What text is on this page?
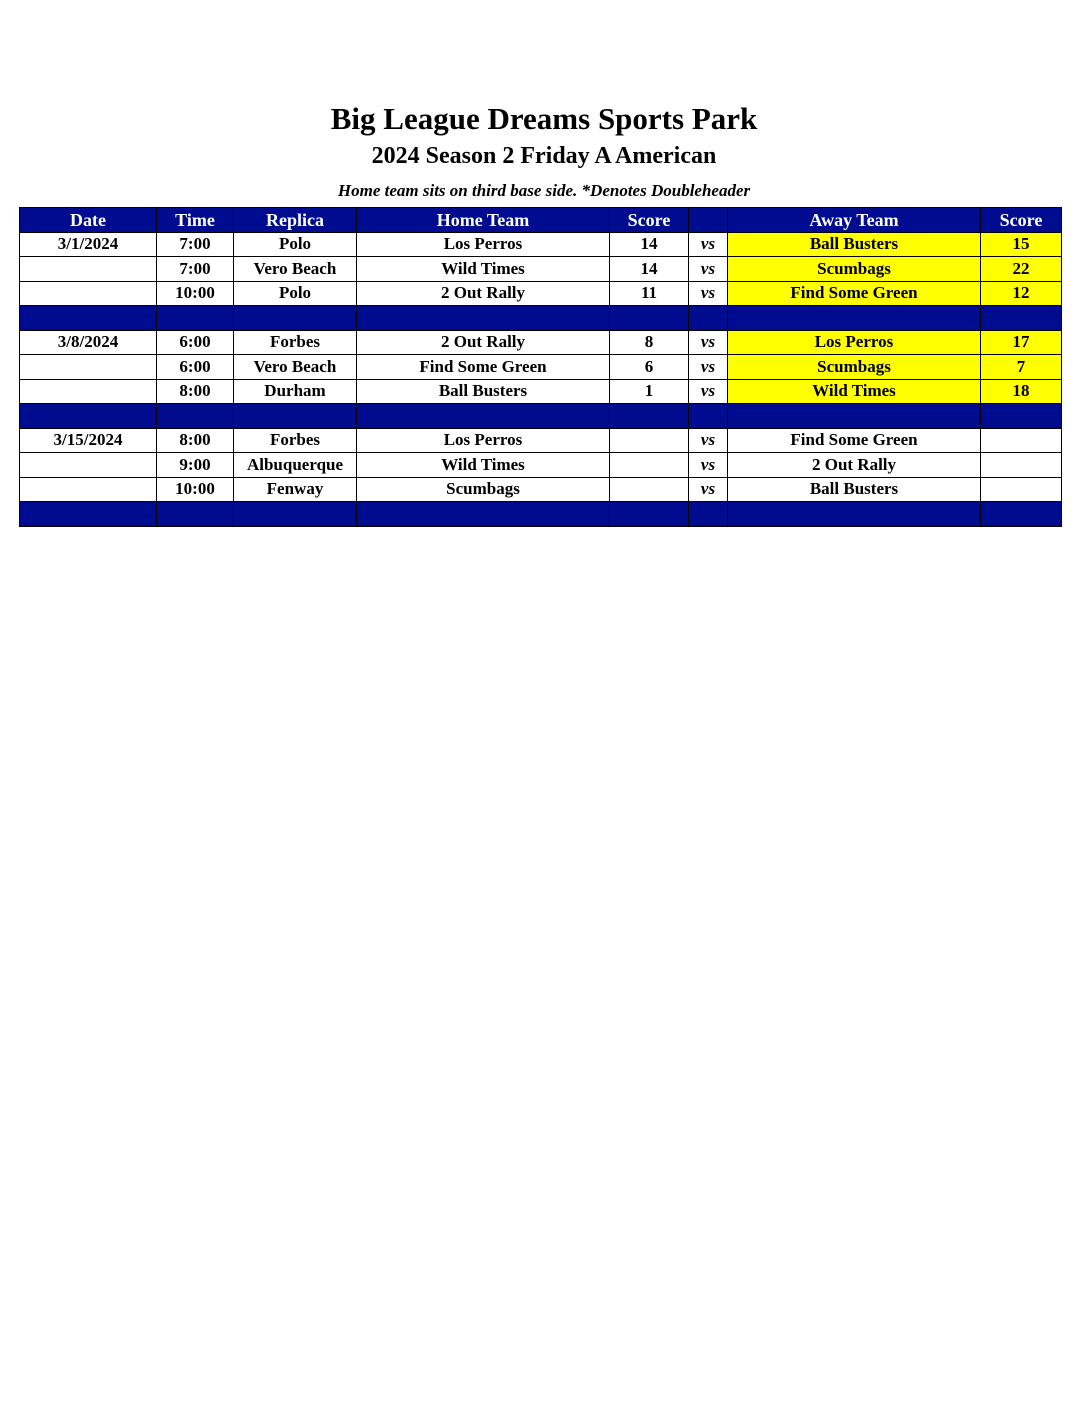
Big League Dreams Sports Park
2024 Season 2 Friday A American
Home team sits on third base side. *Denotes Doubleheader
Date	Time	Replica	Home Team	Score		Away Team	Score
3/1/2024	7:00	Polo	Los Perros	14	vs	Ball Busters	15
	7:00	Vero Beach	Wild Times	14	vs	Scumbags	22
	10:00	Polo	2 Out Rally	11	vs	Find Some Green	12

3/8/2024	6:00	Forbes	2 Out Rally	8	vs	Los Perros	17
	6:00	Vero Beach	Find Some Green	6	vs	Scumbags	7
	8:00	Durham	Ball Busters	1	vs	Wild Times	18

3/15/2024	8:00	Forbes	Los Perros		vs	Find Some Green	
	9:00	Albuquerque	Wild Times		vs	2 Out Rally	
	10:00	Fenway	Scumbags		vs	Ball Busters	
